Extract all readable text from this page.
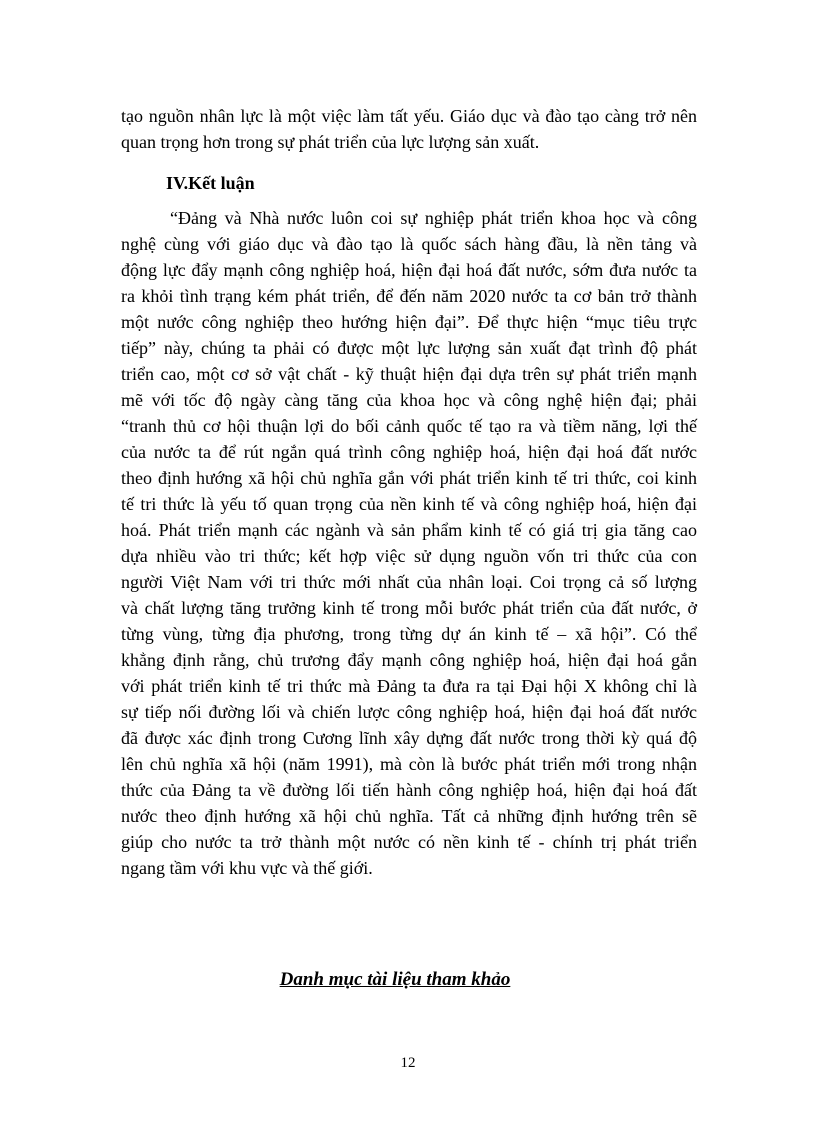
tạo nguồn nhân lực là một việc làm tất yếu. Giáo dục và đào tạo càng trở nên
quan trọng hơn trong sự phát triển của lực lượng sản xuất.
IV.Kết luận
“Đảng và Nhà nước luôn coi sự nghiệp phát triển khoa học và công
nghệ cùng với giáo dục và đào tạo là quốc sách hàng đầu, là nền tảng và
động lực đẩy mạnh công nghiệp hoá, hiện đại hoá đất nước, sớm đưa nước ta
ra khỏi tình trạng kém phát triển, để đến năm 2020 nước ta cơ bản trở thành
một nước công nghiệp theo hướng hiện đại”. Để thực hiện “mục tiêu trực
tiếp” này, chúng ta phải có được một lực lượng sản xuất đạt trình độ phát
triển cao, một cơ sở vật chất - kỹ thuật hiện đại dựa trên sự phát triển mạnh
mẽ với tốc độ ngày càng tăng của khoa học và công nghệ hiện đại; phải
“tranh thủ cơ hội thuận lợi do bối cảnh quốc tế tạo ra và tiềm năng, lợi thế
của nước ta để rút ngắn quá trình công nghiệp hoá, hiện đại hoá đất nước
theo định hướng xã hội chủ nghĩa gắn với phát triển kinh tế tri thức, coi kinh
tế tri thức là yếu tố quan trọng của nền kinh tế và công nghiệp hoá, hiện đại
hoá. Phát triển mạnh các ngành và sản phẩm kinh tế có giá trị gia tăng cao
dựa nhiều vào tri thức; kết hợp việc sử dụng nguồn vốn tri thức của con
người Việt Nam với tri thức mới nhất của nhân loại. Coi trọng cả số lượng
và chất lượng tăng trưởng kinh tế trong mỗi bước phát triển của đất nước, ở
từng vùng, từng địa phương, trong từng dự án kinh tế – xã hội”. Có thể
khẳng định rằng, chủ trương đẩy mạnh công nghiệp hoá, hiện đại hoá gắn
với phát triển kinh tế tri thức mà Đảng ta đưa ra tại Đại hội X không chỉ là
sự tiếp nối đường lối và chiến lược công nghiệp hoá, hiện đại hoá đất nước
đã được xác định trong Cương lĩnh xây dựng đất nước trong thời kỳ quá độ
lên chủ nghĩa xã hội (năm 1991), mà còn là bước phát triển mới trong nhận
thức của Đảng ta về đường lối tiến hành công nghiệp hoá, hiện đại hoá đất
nước theo định hướng xã hội chủ nghĩa. Tất cả những định hướng trên sẽ
giúp cho nước ta trở thành một nước có nền kinh tế - chính trị phát triển
ngang tầm với khu vực và thế giới.
Danh mục tài liệu tham khảo
12
